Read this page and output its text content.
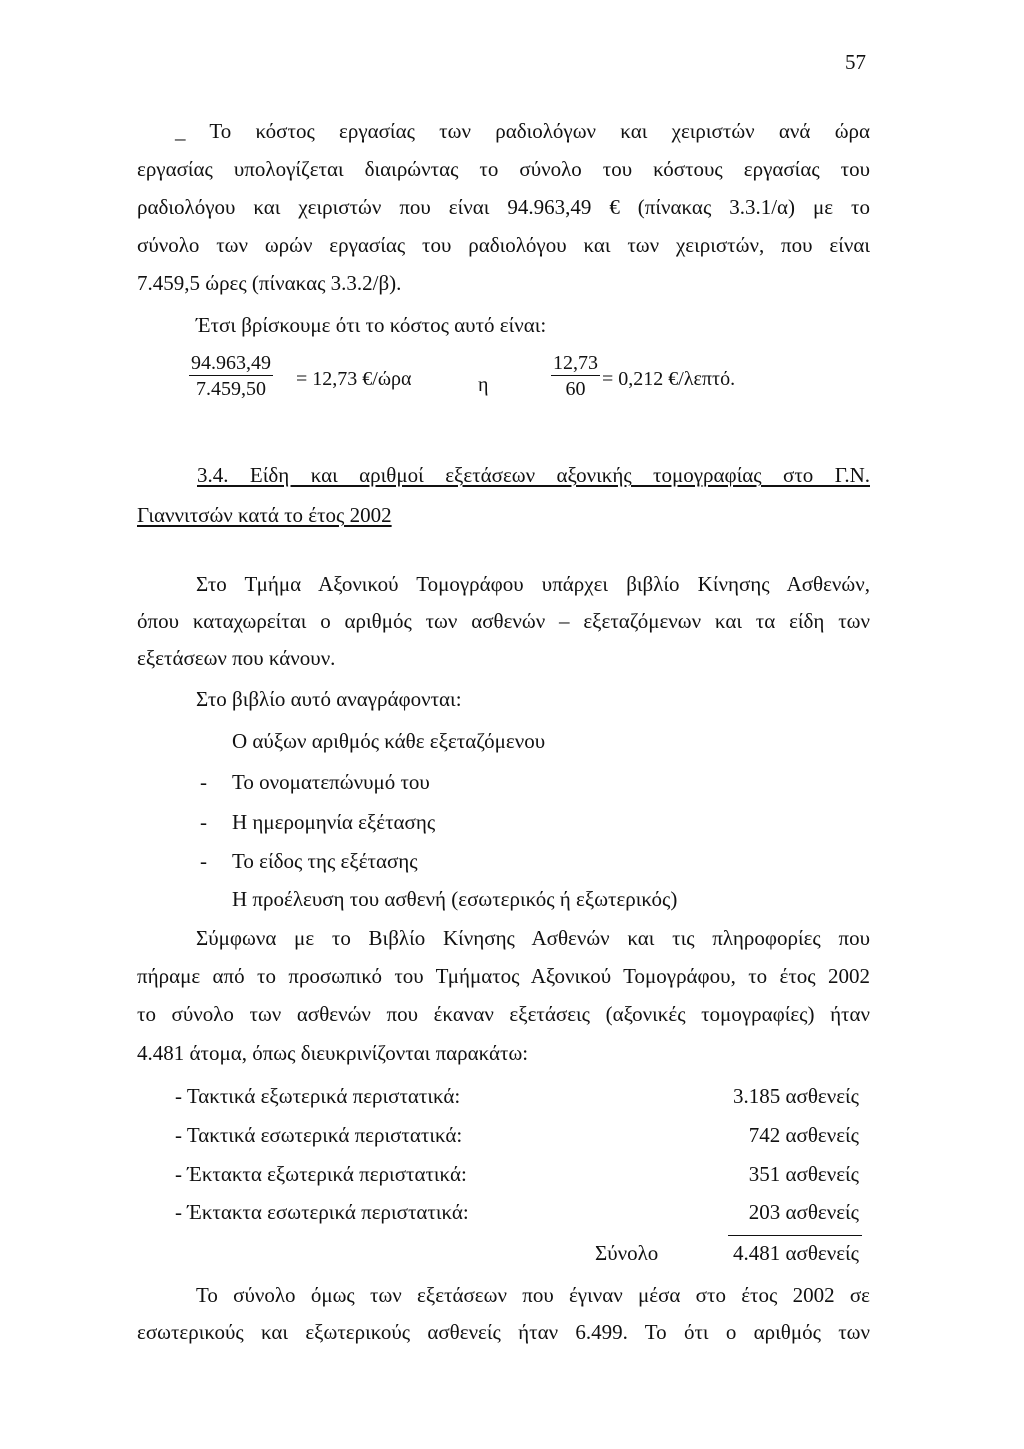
57
_ Το κόστος εργασίας των ραδιολόγων και χειριστών ανά ώρα
εργασίας υπολογίζεται διαιρώντας το σύνολο του κόστους εργασίας του
ραδιολόγου και χειριστών που είναι 94.963,49 € (πίνακας 3.3.1/α) με το
σύνολο των ωρών εργασίας του ραδιολόγου και των χειριστών, που είναι
7.459,5 ώρες (πίνακας 3.3.2/β).
Έτσι βρίσκουμε ότι το κόστος αυτό είναι:
$\frac{94.963,49}{7.459,50} = 12,73$ €/ώρα	η	$\frac{12,73}{60} = 0,212$ €/λεπτό.
3.4. Είδη και αριθμοί εξετάσεων αξονικής τομογραφίας στο Γ.Ν.
Γιαννιτσών κατά το έτος 2002
Στο Τμήμα Αξονικού Τομογράφου υπάρχει βιβλίο Κίνησης Ασθενών,
όπου καταχωρείται ο αριθμός των ασθενών – εξεταζόμενων και τα είδη των
εξετάσεων που κάνουν.
Στο βιβλίο αυτό αναγράφονται:
Ο αύξων αριθμός κάθε εξεταζόμενου
- Το ονοματεπώνυμό του
- Η ημερομηνία εξέτασης
- Το είδος της εξέτασης
Η προέλευση του ασθενή (εσωτερικός ή εξωτερικός)
Σύμφωνα με το Βιβλίο Κίνησης Ασθενών και τις πληροφορίες που
πήραμε από το προσωπικό του Τμήματος Αξονικού Τομογράφου, το έτος 2002
το σύνολο των ασθενών που έκαναν εξετάσεις (αξονικές τομογραφίες) ήταν
4.481 άτομα, όπως διευκρινίζονται παρακάτω:
- Τακτικά εξωτερικά περιστατικά:	3.185 ασθενείς
- Τακτικά εσωτερικά περιστατικά:	742 ασθενείς
- Έκτακτα εξωτερικά περιστατικά:	351 ασθενείς
- Έκτακτα εσωτερικά περιστατικά:	203 ασθενείς
Σύνολο	4.481 ασθενείς
Το σύνολο όμως των εξετάσεων που έγιναν μέσα στο έτος 2002 σε
εσωτερικούς και εξωτερικούς ασθενείς ήταν 6.499. Το ότι ο αριθμός των
